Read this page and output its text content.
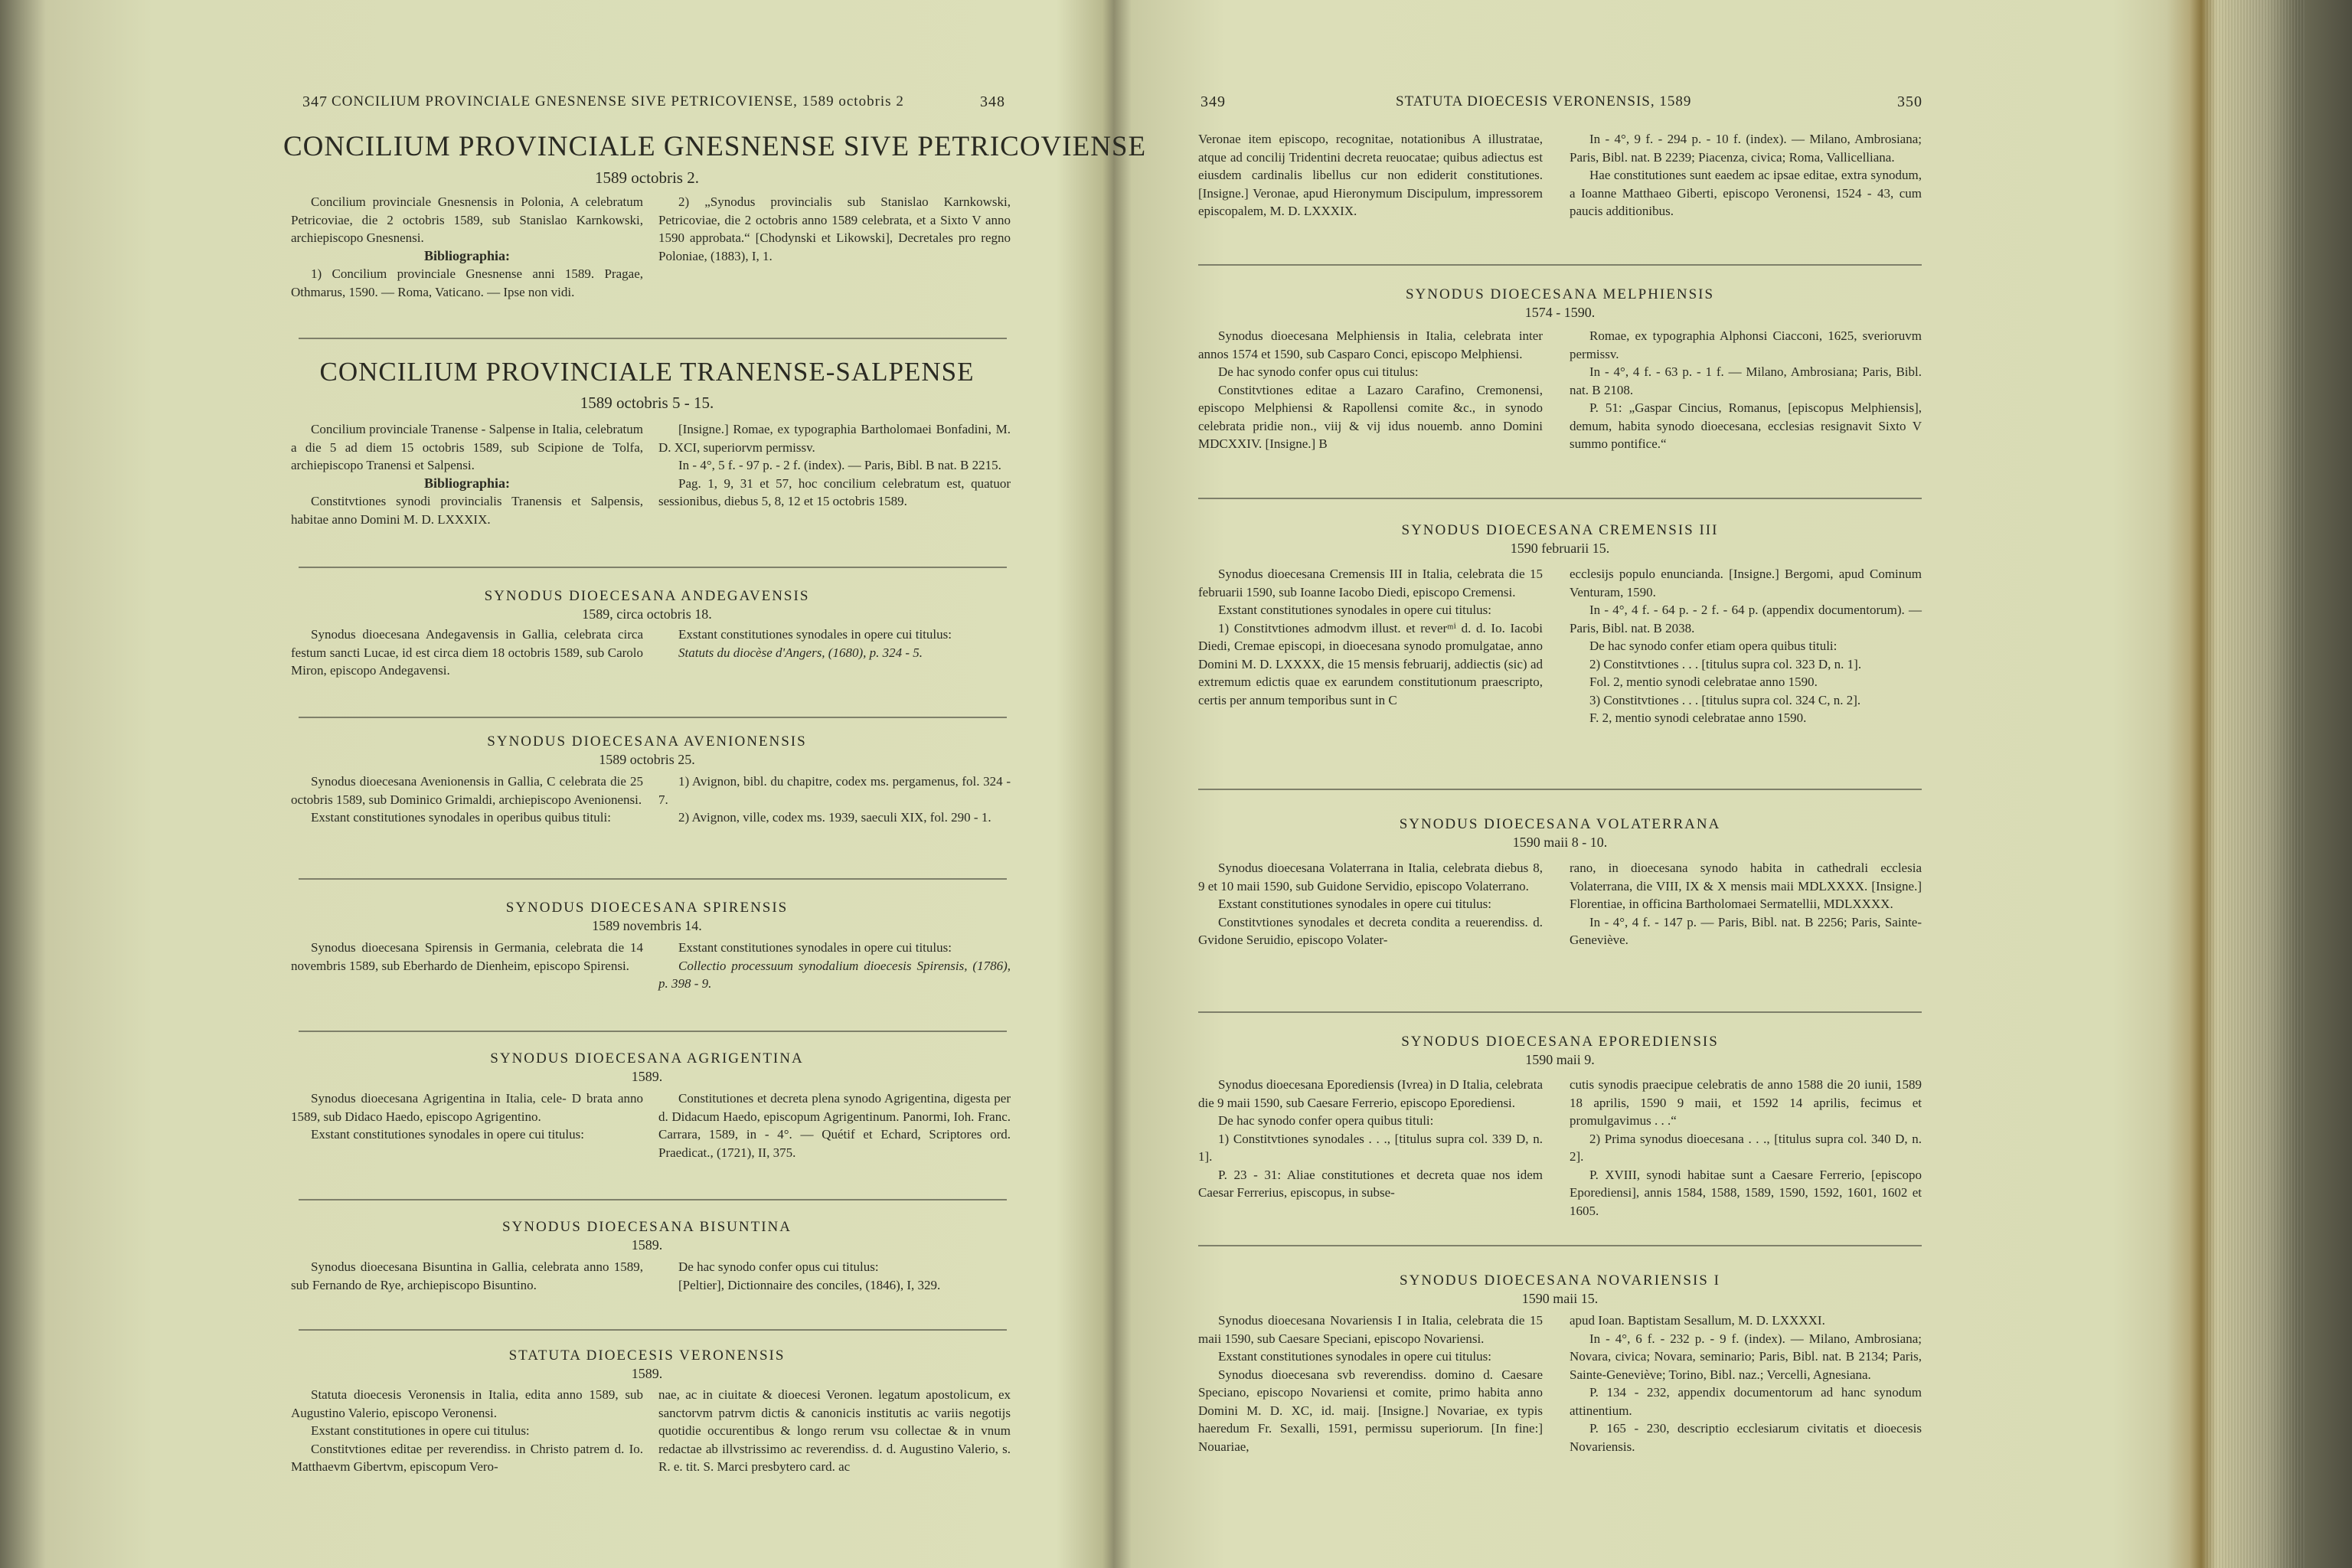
347 CONCILIUM PROVINCIALE GNESNENSE SIVE PETRICOVIENSE, 1589 octobris 2	348
CONCILIUM PROVINCIALE GNESNENSE SIVE PETRICOVIENSE
1589 octobris 2.

Concilium provinciale Gnesnensis in Polonia, A celebratum Petricoviae, die 2 octobris 1589, sub Stanislao Karnkowski, archiepiscopo Gnesnensi.

Bibliographia:

1) Concilium provinciale Gnesnense anni 1589. Pragae, Othmarus, 1590. — Roma, Vaticano. — Ipse non vidi.

2) „Synodus provincialis sub Stanislao Karnkowski, Petricoviae, die 2 octobris anno 1589 celebrata, et a Sixto V anno 1590 approbata.“ [Chodynski et Likowski], Decretales pro regno Poloniae, (1883), I, 1.

CONCILIUM PROVINCIALE TRANENSE-SALPENSE
1589 octobris 5 - 15.

Concilium provinciale Tranense - Salpense in Italia, celebratum a die 5 ad diem 15 octobris 1589, sub Scipione de Tolfa, archiepiscopo Tranensi et Salpensi.

Bibliographia:

Constitvtiones synodi provincialis Tranensis et Salpensis, habitae anno Domini M. D. LXXXIX.

[Insigne.] Romae, ex typographia Bartholomaei Bonfadini, M. D. XCI, superiorvm permissv.

In - 4°, 5 f. - 97 p. - 2 f. (index). — Paris, Bibl. B nat. B 2215.

Pag. 1, 9, 31 et 57, hoc concilium celebratum est, quatuor sessionibus, diebus 5, 8, 12 et 15 octobris 1589.

SYNODUS DIOECESANA ANDEGAVENSIS
1589, circa octobris 18.

Synodus dioecesana Andegavensis in Gallia, celebrata circa festum sancti Lucae, id est circa diem 18 octobris 1589, sub Carolo Miron, episcopo Andegavensi.

Exstant constitutiones synodales in opere cui titulus:

Statuts du diocèse d'Angers, (1680), p. 324 - 5.

SYNODUS DIOECESANA AVENIONENSIS
1589 octobris 25.

Synodus dioecesana Avenionensis in Gallia, C celebrata die 25 octobris 1589, sub Dominico Grimaldi, archiepiscopo Avenionensi.

Exstant constitutiones synodales in operibus quibus tituli:

1) Avignon, bibl. du chapitre, codex ms. pergamenus, fol. 324 - 7.

2) Avignon, ville, codex ms. 1939, saeculi XIX, fol. 290 - 1.

SYNODUS DIOECESANA SPIRENSIS
1589 novembris 14.

Synodus dioecesana Spirensis in Germania, celebrata die 14 novembris 1589, sub Eberhardo de Dienheim, episcopo Spirensi.

Exstant constitutiones synodales in opere cui titulus:

Collectio processuum synodalium dioecesis Spirensis, (1786), p. 398 - 9.

SYNODUS DIOECESANA AGRIGENTINA
1589.

Synodus dioecesana Agrigentina in Italia, cele- D brata anno 1589, sub Didaco Haedo, episcopo Agrigentino.

Exstant constitutiones synodales in opere cui titulus:

Constitutiones et decreta plena synodo Agrigentina, digesta per d. Didacum Haedo, episcopum Agrigentinum. Panormi, Ioh. Franc. Carrara, 1589, in - 4°. — Quétif et Echard, Scriptores ord. Praedicat., (1721), II, 375.

SYNODUS DIOECESANA BISUNTINA
1589.

Synodus dioecesana Bisuntina in Gallia, celebrata anno 1589, sub Fernando de Rye, archiepiscopo Bisuntino.

De hac synodo confer opus cui titulus:

[Peltier], Dictionnaire des conciles, (1846), I, 329.

STATUTA DIOECESIS VERONENSIS
1589.

Statuta dioecesis Veronensis in Italia, edita anno 1589, sub Augustino Valerio, episcopo Veronensi.

Exstant constitutiones in opere cui titulus:

Constitvtiones editae per reverendiss. in Christo patrem d. Io. Matthaevm Gibertvm, episcopum Vero-

nae, ac in ciuitate & dioecesi Veronen. legatum apostolicum, ex sanctorvm patrvm dictis & canonicis institutis ac variis negotijs quotidie occurentibus & longo rerum vsu collectae & in vnum redactae ab illvstrissimo ac reverendiss. d. d. Augustino Valerio, s. R. e. tit. S. Marci presbytero card. ac

349	STATUTA DIOECESIS VERONENSIS, 1589	350

Veronae item episcopo, recognitae, notationibus A illustratae, atque ad concilij Tridentini decreta reuocatae; quibus adiectus est eiusdem cardinalis libellus cur non ediderit constitutiones. [Insigne.] Veronae, apud Hieronymum Discipulum, impressorem episcopalem, M. D. LXXXIX.

In - 4°, 9 f. - 294 p. - 10 f. (index). — Milano, Ambrosiana; Paris, Bibl. nat. B 2239; Piacenza, civica; Roma, Vallicelliana.

Hae constitutiones sunt eaedem ac ipsae editae, extra synodum, a Ioanne Matthaeo Giberti, episcopo Veronensi, 1524 - 43, cum paucis additionibus.

SYNODUS DIOECESANA MELPHIENSIS
1574 - 1590.

Synodus dioecesana Melphiensis in Italia, celebrata inter annos 1574 et 1590, sub Casparo Conci, episcopo Melphiensi.

De hac synodo confer opus cui titulus:

Constitvtiones editae a Lazaro Carafino, Cremonensi, episcopo Melphiensi & Rapollensi comite &c., in synodo celebrata pridie non., viij & vij idus nouemb. anno Domini MDCXXIV. [Insigne.] B

Romae, ex typographia Alphonsi Ciacconi, 1625, sverioruvm permissv.

In - 4°, 4 f. - 63 p. - 1 f. — Milano, Ambrosiana; Paris, Bibl. nat. B 2108.

P. 51: „Gaspar Cincius, Romanus, [episcopus Melphiensis], demum, habita synodo dioecesana, ecclesias resignavit Sixto V summo pontifice.“

SYNODUS DIOECESANA CREMENSIS III
1590 februarii 15.

Synodus dioecesana Cremensis III in Italia, celebrata die 15 februarii 1590, sub Ioanne Iacobo Diedi, episcopo Cremensi.

Exstant constitutiones synodales in opere cui titulus:

1) Constitvtiones admodvm illust. et reverᵐⁱ d. d. Io. Iacobi Diedi, Cremae episcopi, in dioecesana synodo promulgatae, anno Domini M. D. LXXXX, die 15 mensis februarij, addiectis (sic) ad extremum edictis quae ex earundem constitutionum praescripto, certis per annum temporibus sunt in C

ecclesijs populo enuncianda. [Insigne.] Bergomi, apud Cominum Venturam, 1590.

In - 4°, 4 f. - 64 p. - 2 f. - 64 p. (appendix documentorum). — Paris, Bibl. nat. B 2038.

De hac synodo confer etiam opera quibus tituli:

2) Constitvtiones . . . [titulus supra col. 323 D, n. 1].

Fol. 2, mentio synodi celebratae anno 1590.

3) Constitvtiones . . . [titulus supra col. 324 C, n. 2].

F. 2, mentio synodi celebratae anno 1590.

SYNODUS DIOECESANA VOLATERRANA
1590 maii 8 - 10.

Synodus dioecesana Volaterrana in Italia, celebrata diebus 8, 9 et 10 maii 1590, sub Guidone Servidio, episcopo Volaterrano.

Exstant constitutiones synodales in opere cui titulus:

Constitvtiones synodales et decreta condita a reuerendiss. d. Gvidone Seruidio, episcopo Volater-

rano, in dioecesana synodo habita in cathedrali ecclesia Volaterrana, die VIII, IX & X mensis maii MDLXXXX. [Insigne.] Florentiae, in officina Bartholomaei Sermatellii, MDLXXXX.

In - 4°, 4 f. - 147 p. — Paris, Bibl. nat. B 2256; Paris, Sainte-Geneviève.

SYNODUS DIOECESANA EPOREDIENSIS
1590 maii 9.

Synodus dioecesana Eporediensis (Ivrea) in D Italia, celebrata die 9 maii 1590, sub Caesare Ferrerio, episcopo Eporediensi.

De hac synodo confer opera quibus tituli:

1) Constitvtiones synodales . . ., [titulus supra col. 339 D, n. 1].

P. 23 - 31: Aliae constitutiones et decreta quae nos idem Caesar Ferrerius, episcopus, in subse-

cutis synodis praecipue celebratis de anno 1588 die 20 iunii, 1589 18 aprilis, 1590 9 maii, et 1592 14 aprilis, fecimus et promulgavimus . . .“

2) Prima synodus dioecesana . . ., [titulus supra col. 340 D, n. 2].

P. XVIII, synodi habitae sunt a Caesare Ferrerio, [episcopo Eporediensi], annis 1584, 1588, 1589, 1590, 1592, 1601, 1602 et 1605.

SYNODUS DIOECESANA NOVARIENSIS I
1590 maii 15.

Synodus dioecesana Novariensis I in Italia, celebrata die 15 maii 1590, sub Caesare Speciani, episcopo Novariensi.

Exstant constitutiones synodales in opere cui titulus:

Synodus dioecesana svb reverendiss. domino d. Caesare Speciano, episcopo Novariensi et comite, primo habita anno Domini M. D. XC, id. maij. [Insigne.] Novariae, ex typis haeredum Fr. Sexalli, 1591, permissu superiorum. [In fine:] Nouariae,

apud Ioan. Baptistam Sesallum, M. D. LXXXXI.

In - 4°, 6 f. - 232 p. - 9 f. (index). — Milano, Ambrosiana; Novara, civica; Novara, seminario; Paris, Bibl. nat. B 2134; Paris, Sainte-Geneviève; Torino, Bibl. naz.; Vercelli, Agnesiana.

P. 134 - 232, appendix documentorum ad hanc synodum attinentium.

P. 165 - 230, descriptio ecclesiarum civitatis et dioecesis Novariensis.
